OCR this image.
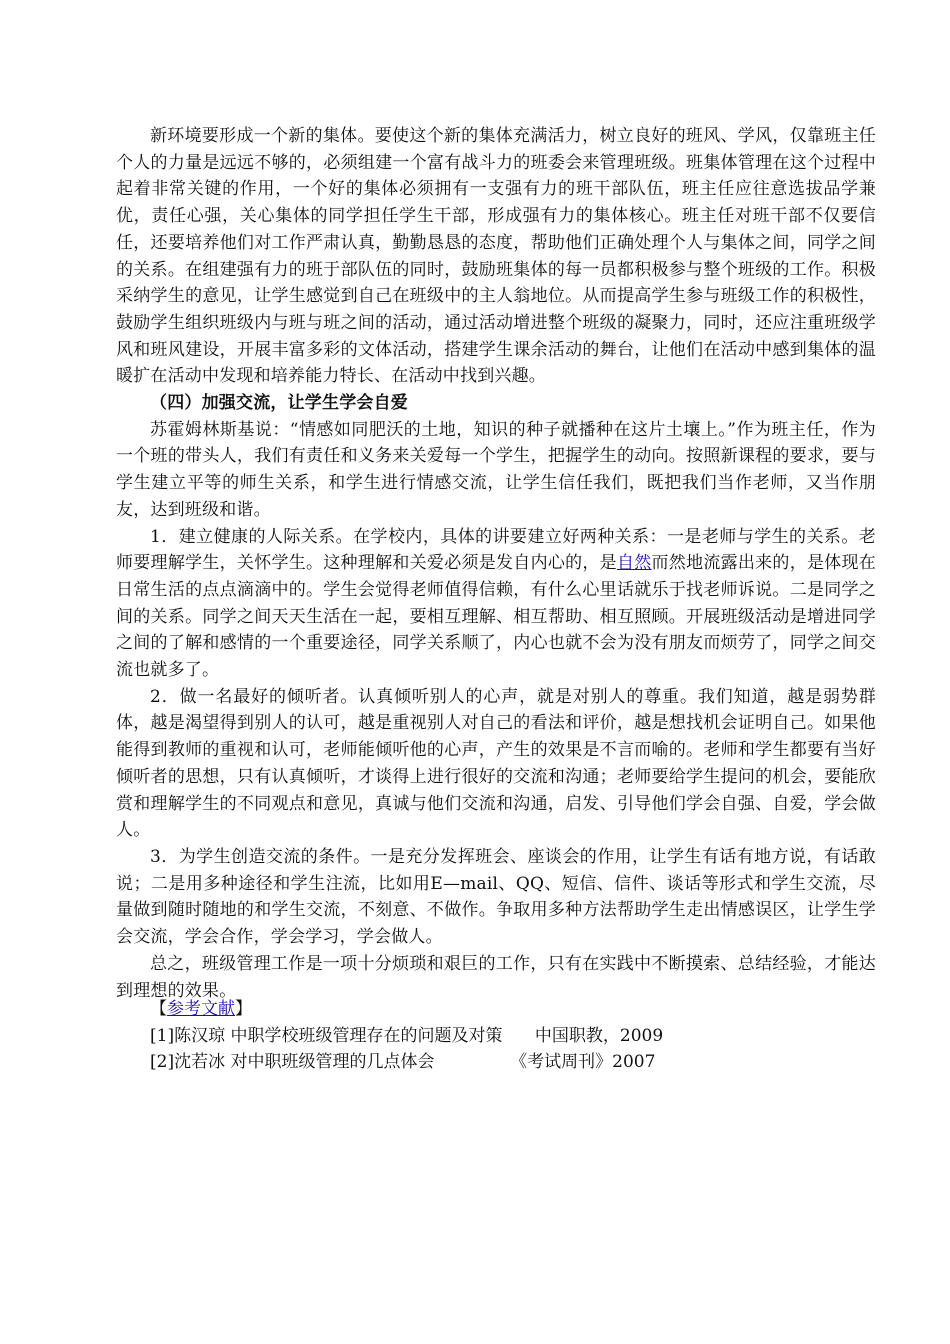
新环境要形成一个新的集体。要使这个新的集体充满活力，树立良好的班风、学风，仅靠班主任个人的力量是远远不够的，必须组建一个富有战斗力的班委会来管理班级。班集体管理在这个过程中起着非常关键的作用，一个好的集体必须拥有一支强有力的班干部队伍，班主任应往意选拔品学兼优，责任心强，关心集体的同学担任学生干部，形成强有力的集体核心。班主任对班干部不仅要信任，还要培养他们对工作严肃认真，勤勤恳恳的态度，帮助他们正确处理个人与集体之间，同学之间的关系。在组建强有力的班于部队伍的同时，鼓励班集体的每一员都积极参与整个班级的工作。积极采纳学生的意见，让学生感觉到自己在班级中的主人翁地位。从而提高学生参与班级工作的积极性，鼓励学生组织班级内与班与班之间的活动，通过活动增进整个班级的凝聚力，同时，还应注重班级学风和班风建设，开展丰富多彩的文体活动，搭建学生课余活动的舞台，让他们在活动中感到集体的温暖扩在活动中发现和培养能力特长、在活动中找到兴趣。

（四）加强交流，让学生学会自爱

苏霍姆林斯基说：“情感如同肥沃的土地，知识的种子就播种在这片土壤上。”作为班主任，作为一个班的带头人，我们有责任和义务来关爱每一个学生，把握学生的动向。按照新课程的要求，要与学生建立平等的师生关系，和学生进行情感交流，让学生信任我们，既把我们当作老师，又当作朋友，达到班级和谐。

1．建立健康的人际关系。在学校内，具体的讲要建立好两种关系：一是老师与学生的关系。老师要理解学生，关怀学生。这种理解和关爱必须是发自内心的，是自然而然地流露出来的，是体现在日常生活的点点滴滴中的。学生会觉得老师值得信赖，有什么心里话就乐于找老师诉说。二是同学之间的关系。同学之间天天生活在一起，要相互理解、相互帮助、相互照顾。开展班级活动是增进同学之间的了解和感情的一个重要途径，同学关系顺了，内心也就不会为没有朋友而烦劳了，同学之间交流也就多了。

2．做一名最好的倾听者。认真倾听别人的心声，就是对别人的尊重。我们知道，越是弱势群体，越是渴望得到别人的认可，越是重视别人对自己的看法和评价，越是想找机会证明自己。如果他能得到教师的重视和认可，老师能倾听他的心声，产生的效果是不言而喻的。老师和学生都要有当好倾听者的思想，只有认真倾听，才谈得上进行很好的交流和沟通；老师要给学生提问的机会，要能欣赏和理解学生的不同观点和意见，真诚与他们交流和沟通，启发、引导他们学会自强、自爱，学会做人。

3．为学生创造交流的条件。一是充分发挥班会、座谈会的作用，让学生有话有地方说，有话敢说；二是用多种途径和学生注流，比如用E—mail、QQ、短信、信件、谈话等形式和学生交流，尽量做到随时随地的和学生交流，不刻意、不做作。争取用多种方法帮助学生走出情感误区，让学生学会交流，学会合作，学会学习，学会做人。

总之，班级管理工作是一项十分烦琐和艰巨的工作，只有在实践中不断摸索、总结经验，才能达到理想的效果。

【参考文献】

[1]陈汉琼 中职学校班级管理存在的问题及对策      中国职教，2009

[2]沈若冰 对中职班级管理的几点体会              《考试周刊》2007
